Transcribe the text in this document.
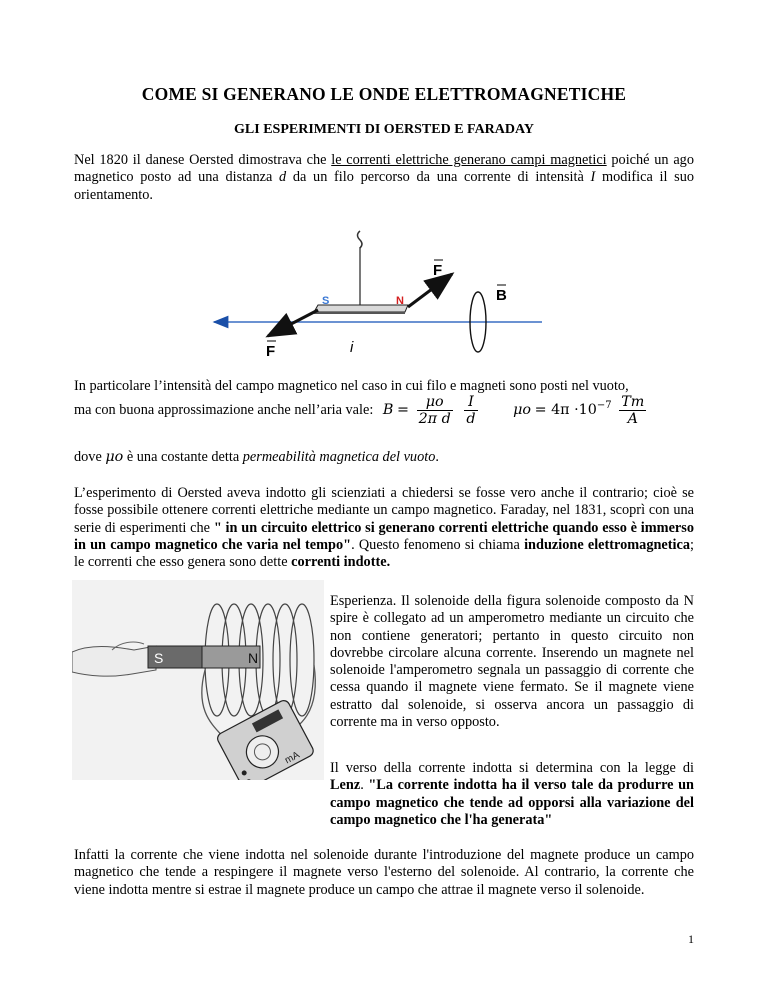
COME SI GENERANO LE ONDE ELETTROMAGNETICHE
GLI ESPERIMENTI DI OERSTED E FARADAY
Nel 1820 il danese Oersted dimostrava che le correnti elettriche generano campi magnetici poiché un ago magnetico posto ad una distanza d da un filo percorso da una corrente di intensità I modifica il suo orientamento.
S	N
F
F
B
i
In particolare l’intensità del campo magnetico nel caso in cui filo e magneti sono posti nel vuoto,
ma con buona approssimazione anche nell’aria vale: $B = \frac{\mu o}{\text{2π d}}$
$\frac{I}{d}$ $\mu o = 4\pi \cdot 10^{-7} \frac{Tm}{A}$
dove μo è una costante detta permeabilità magnetica del vuoto.
L’esperimento di Oersted aveva indotto gli scienziati a chiedersi se fosse vero anche il contrario; cioè se fosse possibile ottenere correnti elettriche mediante un campo magnetico. Faraday, nel 1831, scoprì con una serie di esperimenti che " in un circuito elettrico si generano correnti elettriche quando esso è immerso in un campo magnetico che varia nel tempo". Questo fenomeno si chiama induzione elettromagnetica; le correnti che esso genera sono dette correnti indotte.
S	N
mA
Esperienza. Il solenoide della figura solenoide composto da N spire è collegato ad un amperometro mediante un circuito che non contiene generatori; pertanto in questo circuito non dovrebbe circolare alcuna corrente. Inserendo un magnete nel solenoide l'amperometro segnala un passaggio di corrente che cessa quando il magnete viene fermato. Se il magnete viene estratto dal solenoide, si osserva ancora un passaggio di corrente ma in verso opposto.
Il verso della corrente indotta si determina con la legge di Lenz. "La corrente indotta ha il verso tale da produrre un campo magnetico che tende ad opporsi alla variazione del campo magnetico che l'ha generata"
Infatti la corrente che viene indotta nel solenoide durante l'introduzione del magnete produce un campo magnetico che tende a respingere il magnete verso l'esterno del solenoide. Al contrario, la corrente che viene indotta mentre si estrae il magnete produce un campo che attrae il magnete verso il solenoide.
1
